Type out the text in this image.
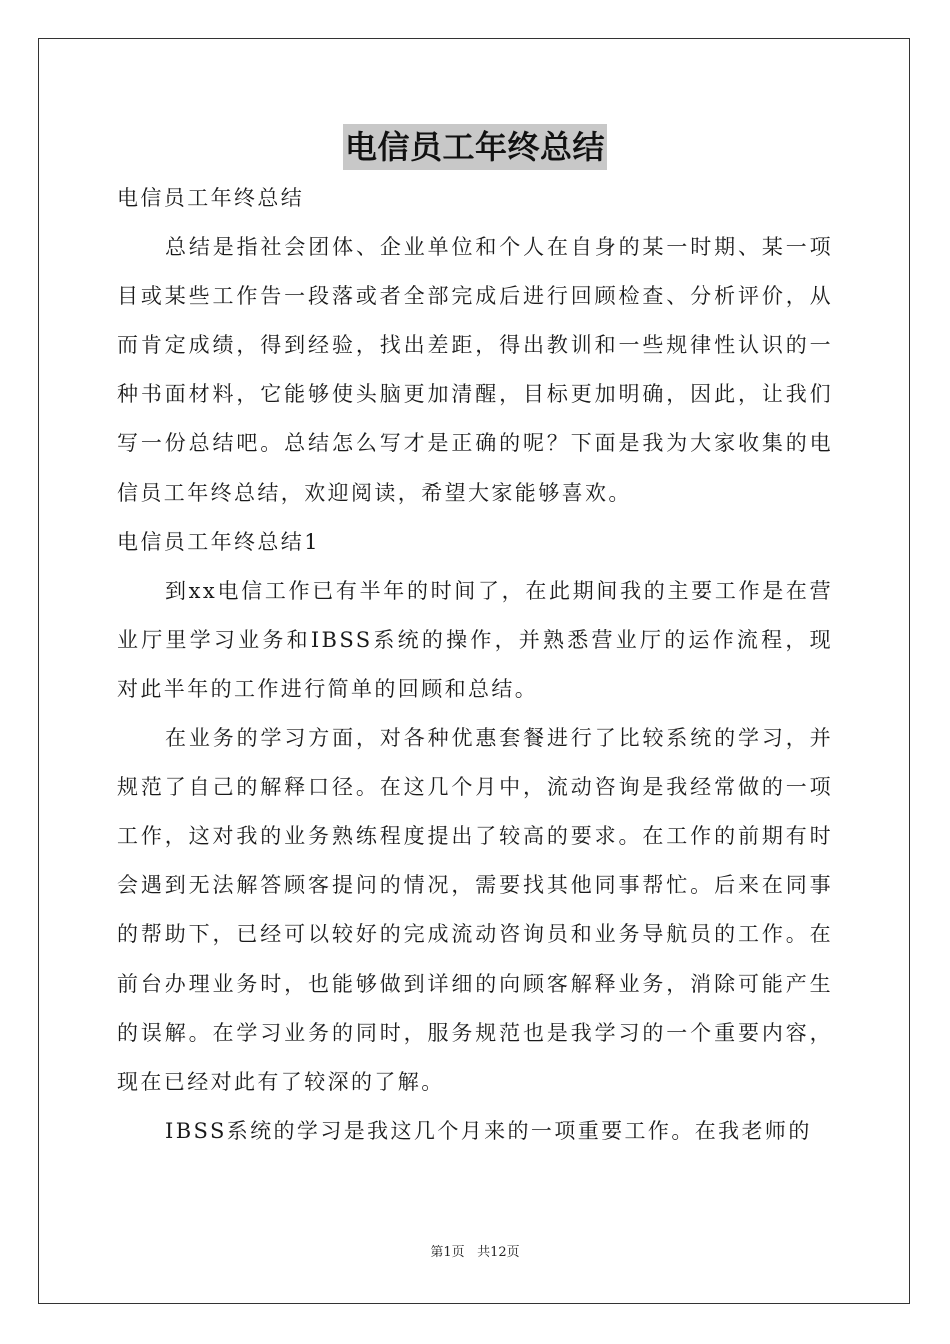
电信员工年终总结

电信员工年终总结

总结是指社会团体、企业单位和个人在自身的某一时期、某一项目或某些工作告一段落或者全部完成后进行回顾检查、分析评价，从而肯定成绩，得到经验，找出差距，得出教训和一些规律性认识的一种书面材料，它能够使头脑更加清醒，目标更加明确，因此，让我们写一份总结吧。总结怎么写才是正确的呢？下面是我为大家收集的电信员工年终总结，欢迎阅读，希望大家能够喜欢。

电信员工年终总结1

到xx电信工作已有半年的时间了，在此期间我的主要工作是在营业厅里学习业务和IBSS系统的操作，并熟悉营业厅的运作流程，现对此半年的工作进行简单的回顾和总结。

在业务的学习方面，对各种优惠套餐进行了比较系统的学习，并规范了自己的解释口径。在这几个月中，流动咨询是我经常做的一项工作，这对我的业务熟练程度提出了较高的要求。在工作的前期有时会遇到无法解答顾客提问的情况，需要找其他同事帮忙。后来在同事的帮助下，已经可以较好的完成流动咨询员和业务导航员的工作。在前台办理业务时，也能够做到详细的向顾客解释业务，消除可能产生的误解。在学习业务的同时，服务规范也是我学习的一个重要内容，现在已经对此有了较深的了解。

IBSS系统的学习是我这几个月来的一项重要工作。在我老师的

第1页 共12页
